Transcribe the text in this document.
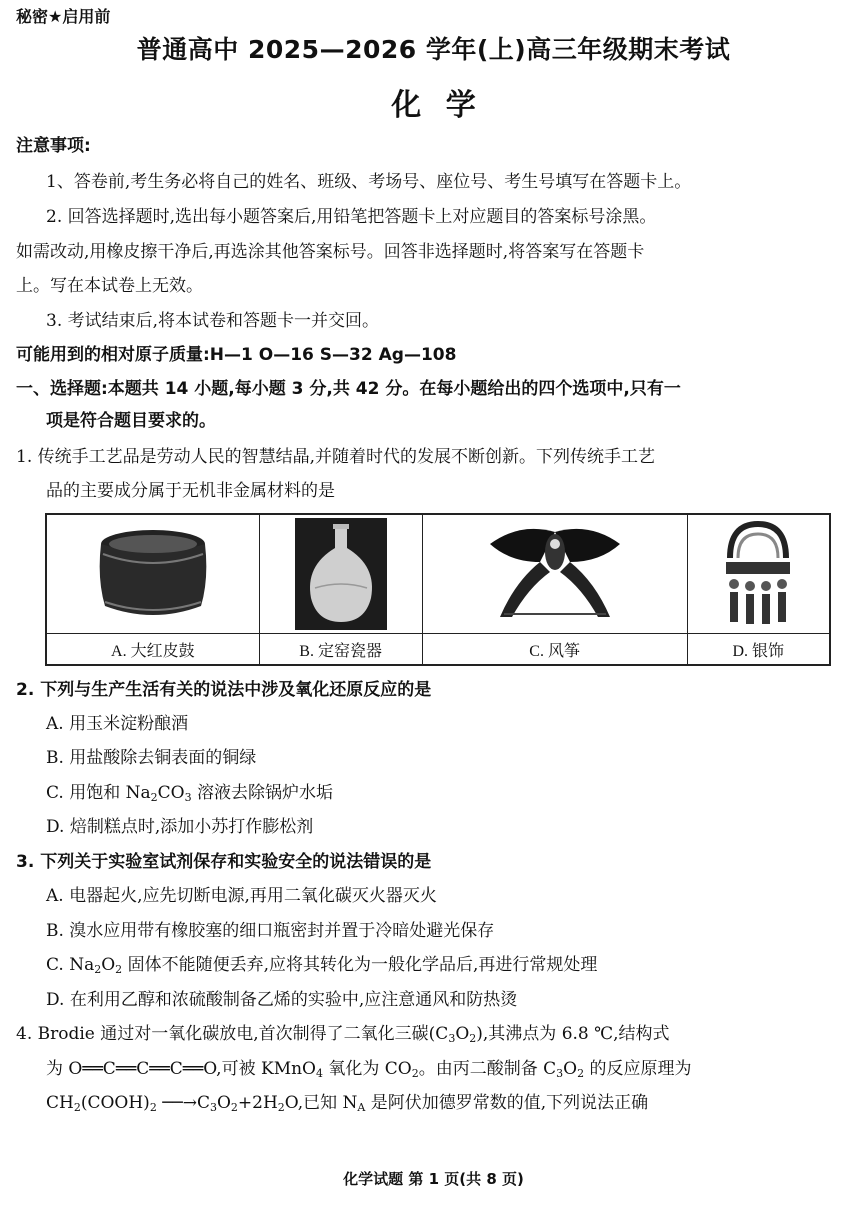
秘密★启用前
普通高中 2025—2026 学年(上)高三年级期末考试
化 学
注意事项:
1、答卷前,考生务必将自己的姓名、班级、考场号、座位号、考生号填写在答题卡上。
2. 回答选择题时,选出每小题答案后,用铅笔把答题卡上对应题目的答案标号涂黑。
如需改动,用橡皮擦干净后,再选涂其他答案标号。回答非选择题时,将答案写在答题卡
上。写在本试卷上无效。
3. 考试结束后,将本试卷和答题卡一并交回。
可能用到的相对原子质量:H—1 O—16 S—32 Ag—108
一、选择题:本题共 14 小题,每小题 3 分,共 42 分。在每小题给出的四个选项中,只有一
项是符合题目要求的。
1. 传统手工艺品是劳动人民的智慧结晶,并随着时代的发展不断创新。下列传统手工艺
品的主要成分属于无机非金属材料的是

A. 大红皮鼓	B. 定窑瓷器	C. 风筝	D. 银饰
2. 下列与生产生活有关的说法中涉及氧化还原反应的是
A. 用玉米淀粉酿酒
B. 用盐酸除去铜表面的铜绿
C. 用饱和 $Na_2CO_3$ 溶液去除锅炉水垢
D. 焙制糕点时,添加小苏打作膨松剂
3. 下列关于实验室试剂保存和实验安全的说法错误的是
A. 电器起火,应先切断电源,再用二氧化碳灭火器灭火
B. 溴水应用带有橡胶塞的细口瓶密封并置于冷暗处避光保存
C. $Na_2O_2$ 固体不能随便丢弃,应将其转化为一般化学品后,再进行常规处理
D. 在利用乙醇和浓硫酸制备乙烯的实验中,应注意通风和防热烫
4. Brodie 通过对一氧化碳放电,首次制得了二氧化三碳$(C_3O_2)$,其沸点为 6.8 ℃,结构式
为 O══C══C══C══O,可被 KMnO$_4$ 氧化为 $CO_2$。由丙二酸制备 $C_3O_2$ 的反应原理为
$CH_2(COOH)_2$ $──\to C_3O_2+2H_2O$,已知 $N_A$ 是阿伏加德罗常数的值,下列说法正确
化学试题 第 1 页(共 8 页)
